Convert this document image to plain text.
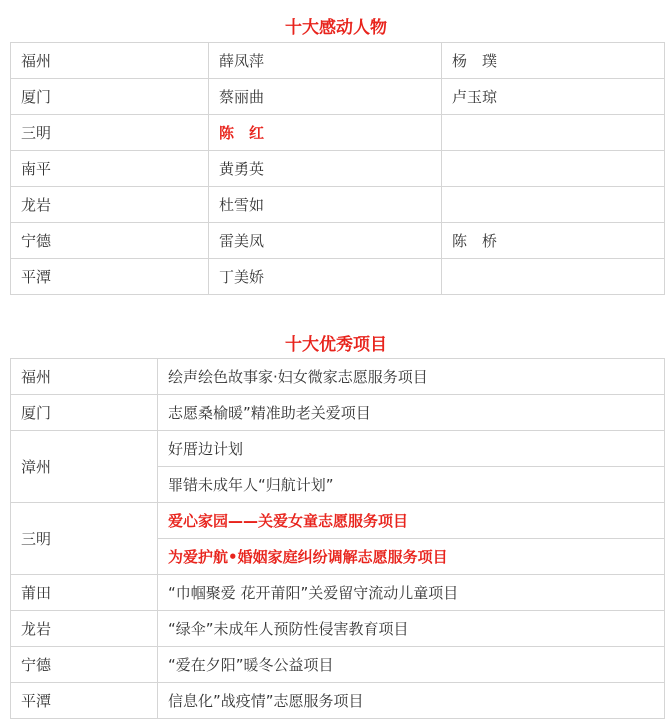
十大感动人物
福州	薛凤萍	杨　璞
厦门	蔡丽曲	卢玉琼
三明	陈　红	
南平	黄勇英	
龙岩	杜雪如	
宁德	雷美凤	陈　桥
平潭	丁美娇	
十大优秀项目
福州	绘声绘色故事家·妇女微家志愿服务项目
厦门	志愿桑榆暖”精准助老关爱项目
漳州	好厝边计划
	罪错未成年人“归航计划”
三明	爱心家园——关爱女童志愿服务项目
	为爱护航•婚姻家庭纠纷调解志愿服务项目
莆田	“巾帼聚爱 花开莆阳”关爱留守流动儿童项目
龙岩	“绿伞”未成年人预防性侵害教育项目
宁德	“爱在夕阳”暖冬公益项目
平潭	信息化”战疫情”志愿服务项目
